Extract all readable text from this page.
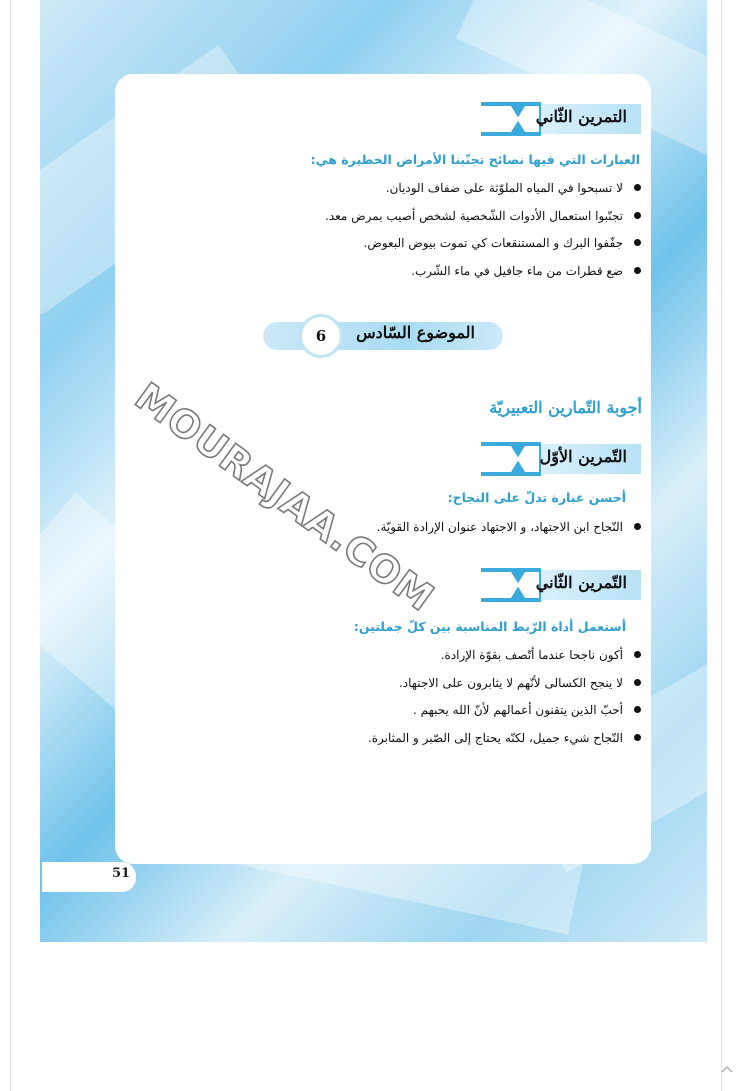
التمرين الثّاني
العبارات التي فيها نصائح تجنّبنا الأمراض الخطيرة هي:
لا تسبحوا في المياه الملوّثة على ضفاف الوديان.
تجنّبوا استعمال الأدوات الشّخصية لشخص أصيب بمرض معد.
جفّفوا البرك و المستنقعات كي تموت بيوض البعوض.
ضع قطرات من ماء جافيل في ماء الشّرب.
6	الموضوع السّادس
أجوبة التّمارين التعبيريّة
التّمرين الأوّل
أحسن عبارة تدلّ على النجاح:
النّجاح ابن الاجتهاد، و الاجتهاد عنوان الإرادة القويّة.
التّمرين الثّاني
أستعمل أداة الرّبط المناسبة بين كلّ جملتين:
أكون ناجحا عندما أتّصف بقوّة الإرادة.
لا ينجح الكسالى لأنّهم لا يثابرون على الاجتهاد.
أحبّ الذين يتقنون أعمالهم لأنّ الله يحبهم .
النّجاح شيء جميل، لكنّه يحتاج إلى الصّبر و المثابرة.
51
MOURAJAA.COM
